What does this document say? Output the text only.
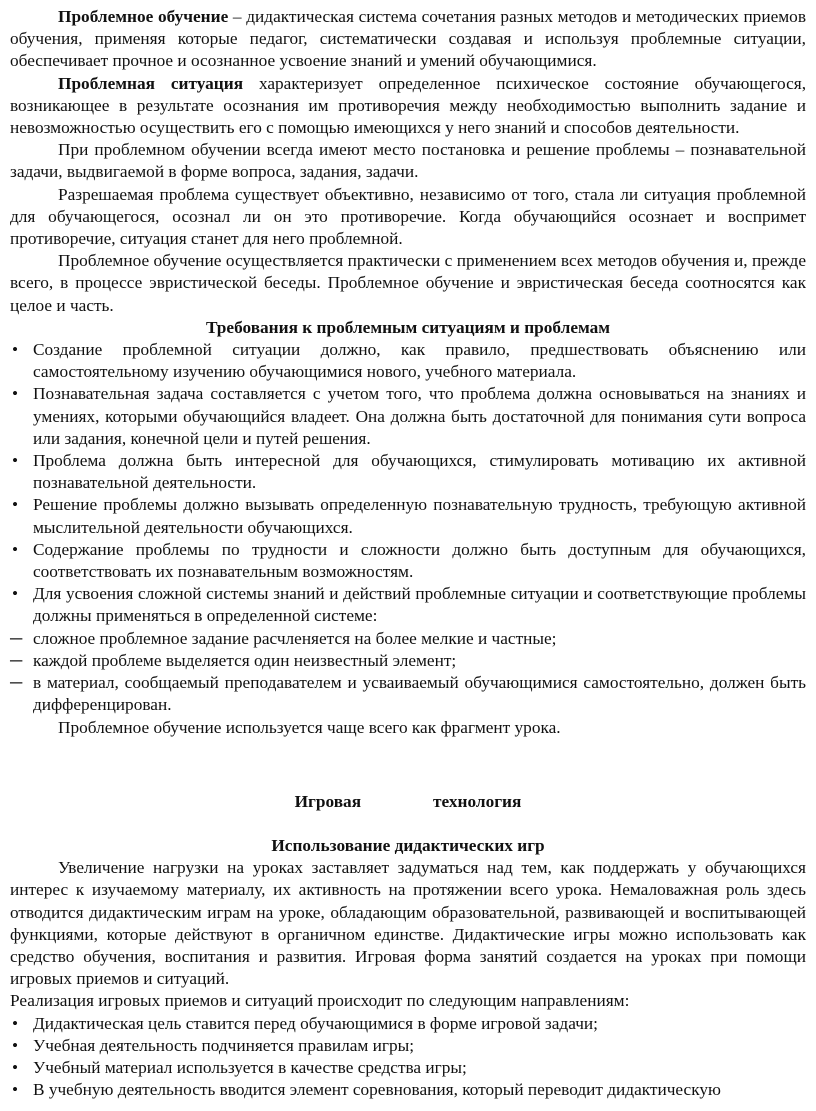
Проблемное обучение – дидактическая система сочетания разных методов и методических приемов обучения, применяя которые педагог, систематически создавая и используя проблемные ситуации, обеспечивает прочное и осознанное усвоение знаний и умений обучающимися.

Проблемная ситуация характеризует определенное психическое состояние обучающегося, возникающее в результате осознания им противоречия между необходимостью выполнить задание и невозможностью осуществить его с помощью имеющихся у него знаний и способов деятельности.

При проблемном обучении всегда имеют место постановка и решение проблемы – познавательной задачи, выдвигаемой в форме вопроса, задания, задачи.

Разрешаемая проблема существует объективно, независимо от того, стала ли ситуация проблемной для обучающегося, осознал ли он это противоречие. Когда обучающийся осознает и воспримет противоречие, ситуация станет для него проблемной.

Проблемное обучение осуществляется практически с применением всех методов обучения и, прежде всего, в процессе эвристической беседы. Проблемное обучение и эвристическая беседа соотносятся как целое и часть.

Требования к проблемным ситуациям и проблемам

• Создание проблемной ситуации должно, как правило, предшествовать объяснению или самостоятельному изучению обучающимися нового, учебного материала.
• Познавательная задача составляется с учетом того, что проблема должна основываться на знаниях и умениях, которыми обучающийся владеет. Она должна быть достаточной для понимания сути вопроса или задания, конечной цели и путей решения.
• Проблема должна быть интересной для обучающихся, стимулировать мотивацию их активной познавательной деятельности.
• Решение проблемы должно вызывать определенную познавательную трудность, требующую активной мыслительной деятельности обучающихся.
• Содержание проблемы по трудности и сложности должно быть доступным для обучающихся, соответствовать их познавательным возможностям.
• Для усвоения сложной системы знаний и действий проблемные ситуации и соответствующие проблемы должны применяться в определенной системе:
─ сложное проблемное задание расчленяется на более мелкие и частные;
─ каждой проблеме выделяется один неизвестный элемент;
─ в материал, сообщаемый преподавателем и усваиваемый обучающимися самостоятельно, должен быть дифференцирован.

Проблемное обучение используется чаще всего как фрагмент урока.

Игровая	технология

Использование дидактических игр

Увеличение нагрузки на уроках заставляет задуматься над тем, как поддержать у обучающихся интерес к изучаемому материалу, их активность на протяжении всего урока. Немаловажная роль здесь отводится дидактическим играм на уроке, обладающим образовательной, развивающей и воспитывающей функциями, которые действуют в органичном единстве. Дидактические игры можно использовать как средство обучения, воспитания и развития. Игровая форма занятий создается на уроках при помощи игровых приемов и ситуаций.

Реализация игровых приемов и ситуаций происходит по следующим направлениям:

• Дидактическая цель ставится перед обучающимися в форме игровой задачи;
• Учебная деятельность подчиняется правилам игры;
• Учебный материал используется в качестве средства игры;
• В учебную деятельность вводится элемент соревнования, который переводит дидактическую
